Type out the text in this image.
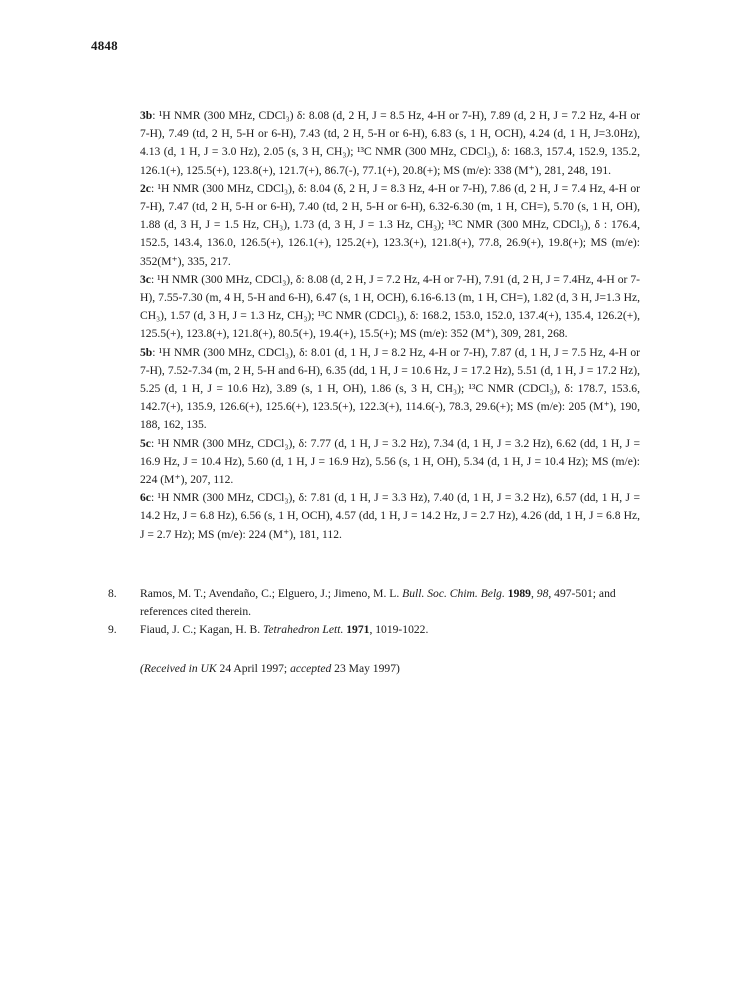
4848

3b: ¹H NMR (300 MHz, CDCl₃) δ: 8.08 (d, 2 H, J = 8.5 Hz, 4-H or 7-H), 7.89 (d, 2 H, J = 7.2 Hz, 4-H or 7-H), 7.49 (td, 2 H, 5-H or 6-H), 7.43 (td, 2 H, 5-H or 6-H), 6.83 (s, 1 H, OCH), 4.24 (d, 1 H, J=3.0Hz), 4.13 (d, 1 H, J = 3.0 Hz), 2.05 (s, 3 H, CH₃); ¹³C NMR (300 MHz, CDCl₃), δ: 168.3, 157.4, 152.9, 135.2, 126.1(+), 125.5(+), 123.8(+), 121.7(+), 86.7(-), 77.1(+), 20.8(+); MS (m/e): 338 (M⁺), 281, 248, 191.

2c: ¹H NMR (300 MHz, CDCl₃), δ: 8.04 (δ, 2 H, J = 8.3 Hz, 4-H or 7-H), 7.86 (d, 2 H, J = 7.4 Hz, 4-H or 7-H), 7.47 (td, 2 H, 5-H or 6-H), 7.40 (td, 2 H, 5-H or 6-H), 6.32-6.30 (m, 1 H, CH=), 5.70 (s, 1 H, OH), 1.88 (d, 3 H, J = 1.5 Hz, CH₃), 1.73 (d, 3 H, J = 1.3 Hz, CH₃); ¹³C NMR (300 MHz, CDCl₃), δ : 176.4, 152.5, 143.4, 136.0, 126.5(+), 126.1(+), 125.2(+), 123.3(+), 121.8(+), 77.8, 26.9(+), 19.8(+); MS (m/e): 352(M⁺), 335, 217.

3c: ¹H NMR (300 MHz, CDCl₃), δ: 8.08 (d, 2 H, J = 7.2 Hz, 4-H or 7-H), 7.91 (d, 2 H, J = 7.4Hz, 4-H or 7-H), 7.55-7.30 (m, 4 H, 5-H and 6-H), 6.47 (s, 1 H, OCH), 6.16-6.13 (m, 1 H, CH=), 1.82 (d, 3 H, J=1.3 Hz, CH₃), 1.57 (d, 3 H, J = 1.3 Hz, CH₃); ¹³C NMR (CDCl₃), δ: 168.2, 153.0, 152.0, 137.4(+), 135.4, 126.2(+), 125.5(+), 123.8(+), 121.8(+), 80.5(+), 19.4(+), 15.5(+); MS (m/e): 352 (M⁺), 309, 281, 268.

5b: ¹H NMR (300 MHz, CDCl₃), δ: 8.01 (d, 1 H, J = 8.2 Hz, 4-H or 7-H), 7.87 (d, 1 H, J = 7.5 Hz, 4-H or 7-H), 7.52-7.34 (m, 2 H, 5-H and 6-H), 6.35 (dd, 1 H, J = 10.6 Hz, J = 17.2 Hz), 5.51 (d, 1 H, J = 17.2 Hz), 5.25 (d, 1 H, J = 10.6 Hz), 3.89 (s, 1 H, OH), 1.86 (s, 3 H, CH₃); ¹³C NMR (CDCl₃), δ: 178.7, 153.6, 142.7(+), 135.9, 126.6(+), 125.6(+), 123.5(+), 122.3(+), 114.6(-), 78.3, 29.6(+); MS (m/e): 205 (M⁺), 190, 188, 162, 135.

5c: ¹H NMR (300 MHz, CDCl₃), δ: 7.77 (d, 1 H, J = 3.2 Hz), 7.34 (d, 1 H, J = 3.2 Hz), 6.62 (dd, 1 H, J = 16.9 Hz, J = 10.4 Hz), 5.60 (d, 1 H, J = 16.9 Hz), 5.56 (s, 1 H, OH), 5.34 (d, 1 H, J = 10.4 Hz); MS (m/e): 224 (M⁺), 207, 112.

6c: ¹H NMR (300 MHz, CDCl₃), δ: 7.81 (d, 1 H, J = 3.3 Hz), 7.40 (d, 1 H, J = 3.2 Hz), 6.57 (dd, 1 H, J = 14.2 Hz, J = 6.8 Hz), 6.56 (s, 1 H, OCH), 4.57 (dd, 1 H, J = 14.2 Hz, J = 2.7 Hz), 4.26 (dd, 1 H, J = 6.8 Hz, J = 2.7 Hz); MS (m/e): 224 (M⁺), 181, 112.

8.	Ramos, M. T.; Avendaño, C.; Elguero, J.; Jimeno, M. L. Bull. Soc. Chim. Belg. 1989, 98, 497-501; and references cited therein.
9.	Fiaud, J. C.; Kagan, H. B. Tetrahedron Lett. 1971, 1019-1022.
(Received in UK 24 April 1997; accepted 23 May 1997)
